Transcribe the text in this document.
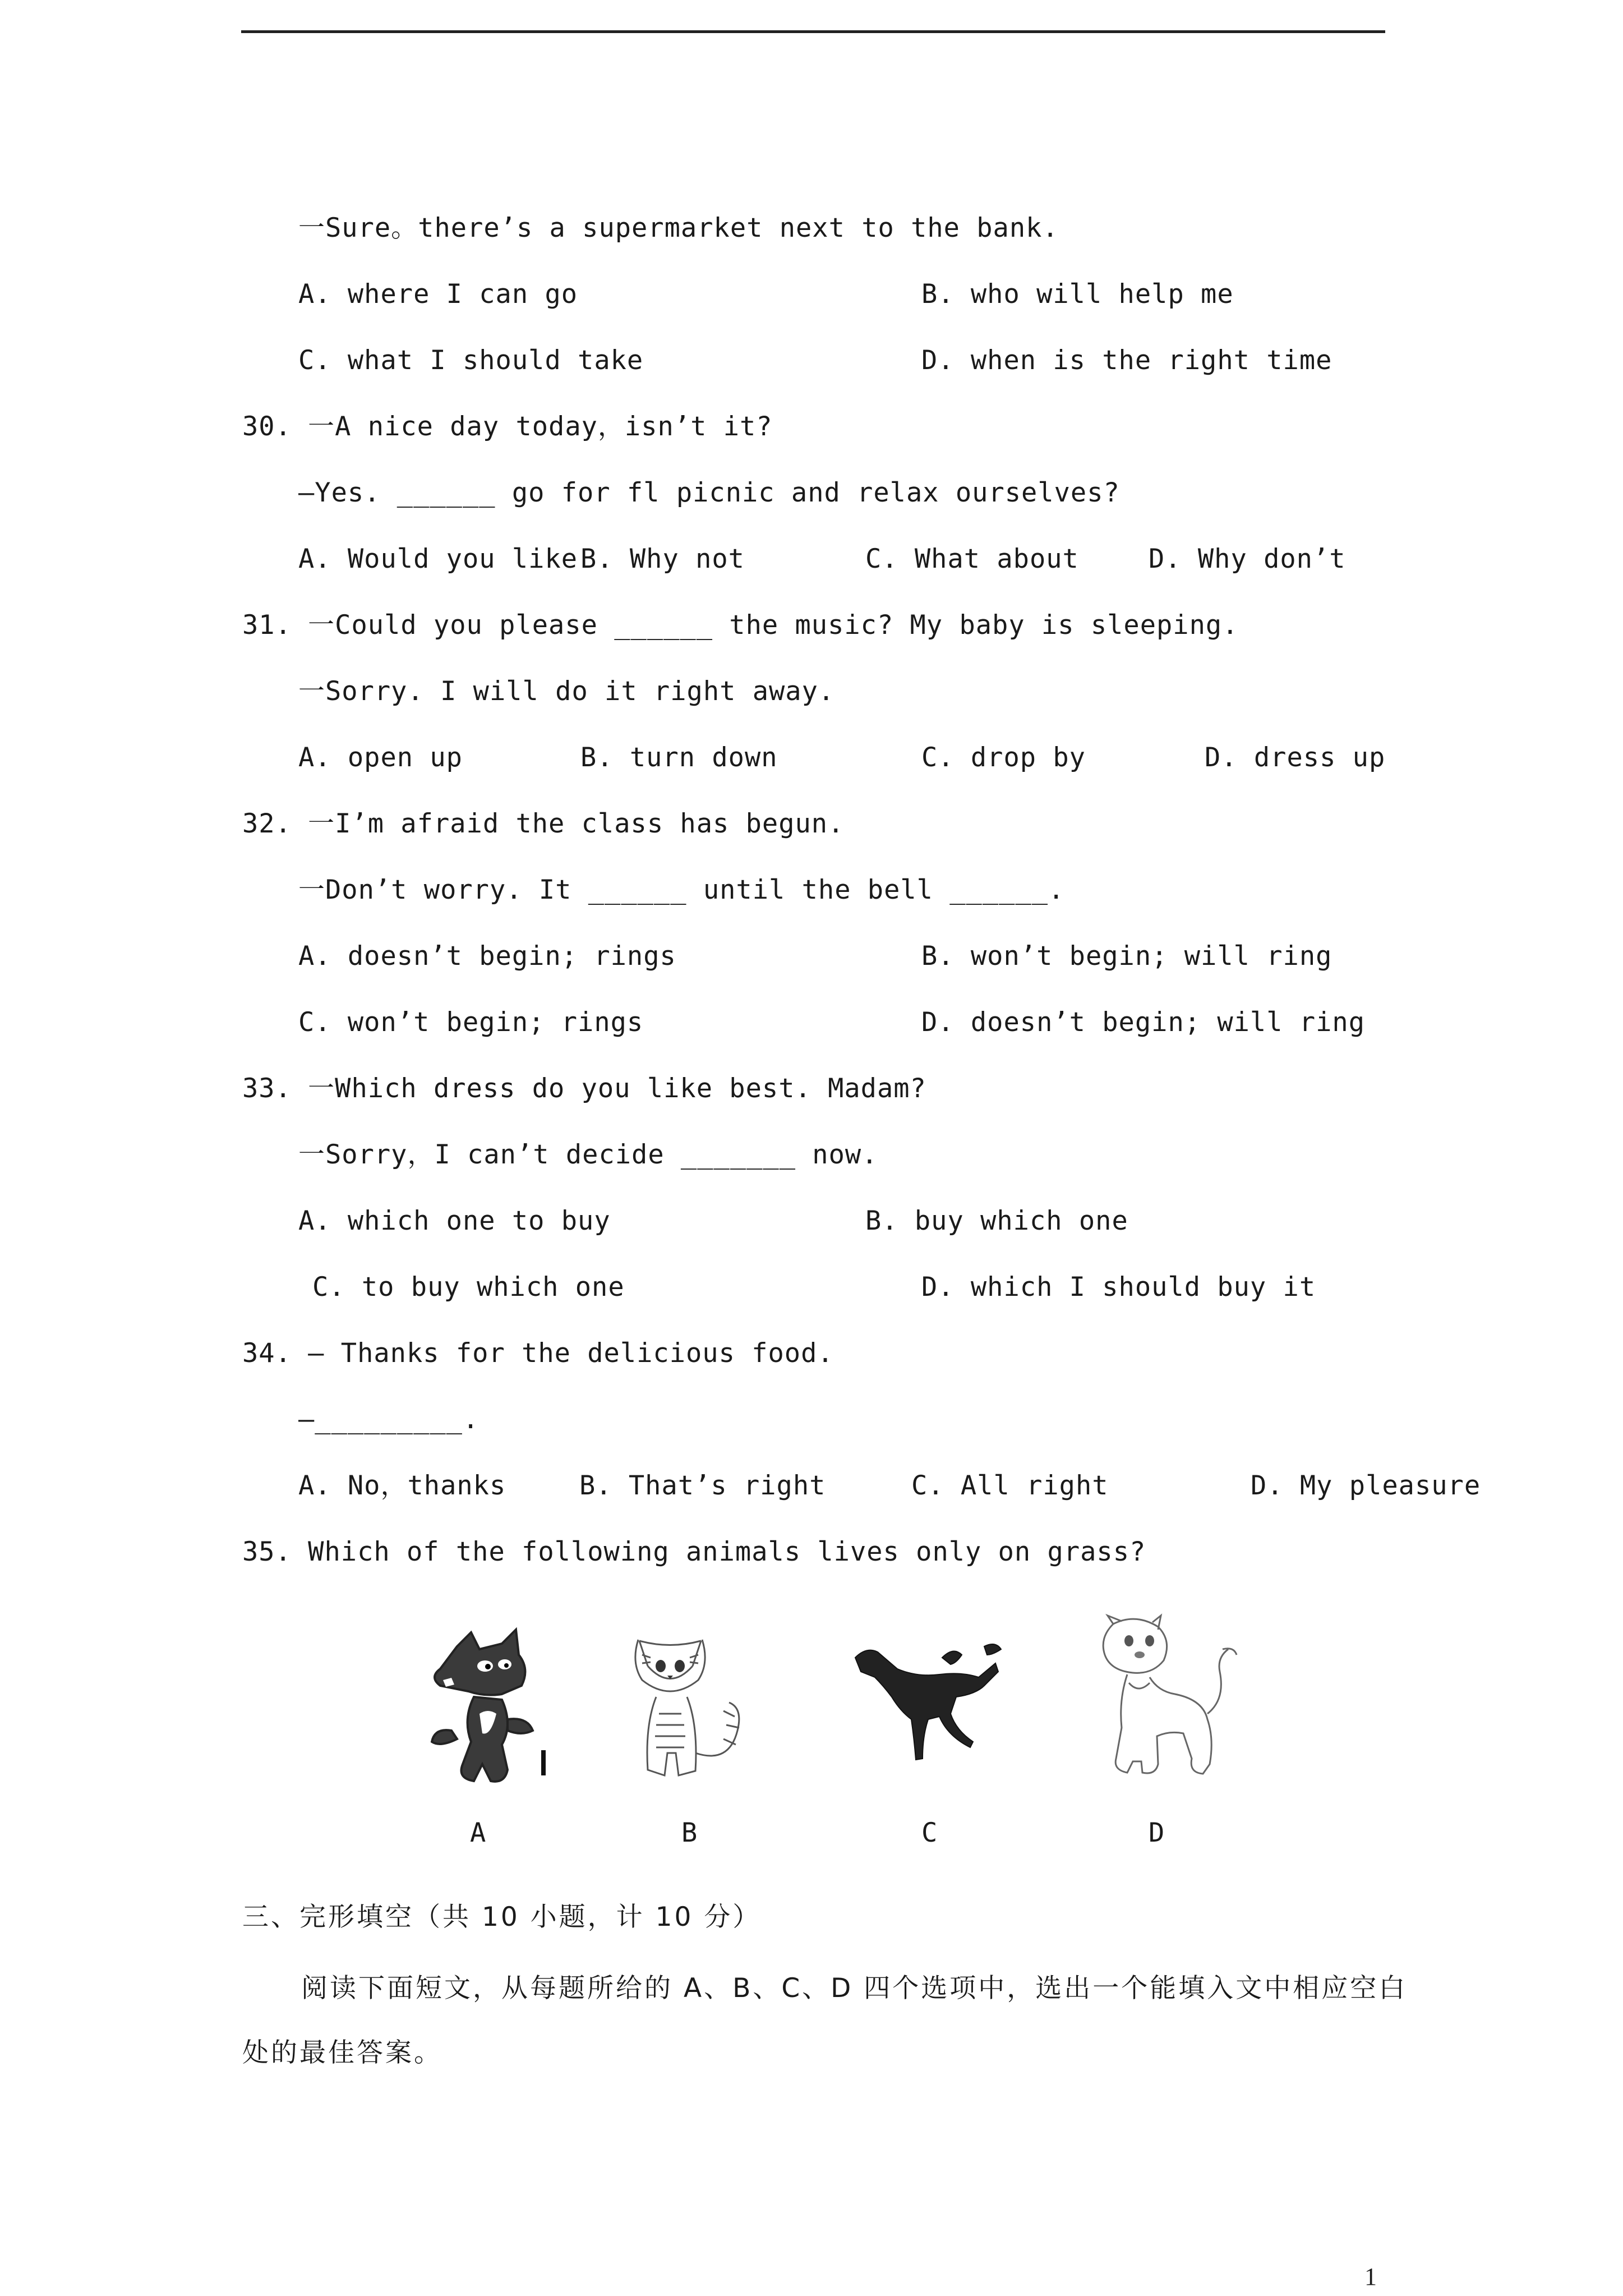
一Sure。there’s a supermarket next to the bank.
A. where I can go	B. who will help me
C. what I should take	D. when is the right time
30. 一A nice day today，isn’t it?
—Yes. ______ go for fl picnic and relax ourselves?
A. Would you like B. Why not	C. What about	D. Why don’t
31. 一Could you please ______ the music? My baby is sleeping.
一Sorry. I will do it right away.
A. open up	B. turn down	C. drop by	D. dress up
32. 一I’m afraid the class has begun.
一Don’t worry. It ______ until the bell ______.
A. doesn’t begin; rings	B. won’t begin; will ring
C. won’t begin; rings	D. doesn’t begin; will ring
33. 一Which dress do you like best. Madam?
一Sorry，I can’t decide _______ now.
A. which one to buy	B. buy which one
C. to buy which one	D. which I should buy it
34. — Thanks for the delicious food.
—_________.
A. No，thanks	B. That’s right	C. All right	D. My pleasure
35. Which of the following animals lives only on grass?
A	B	C	D
三、完形填空（共 10 小题，计 10 分）
阅读下面短文，从每题所给的 A、B、C、D 四个选项中，选出一个能填入文中相应空白
处的最佳答案。
1
